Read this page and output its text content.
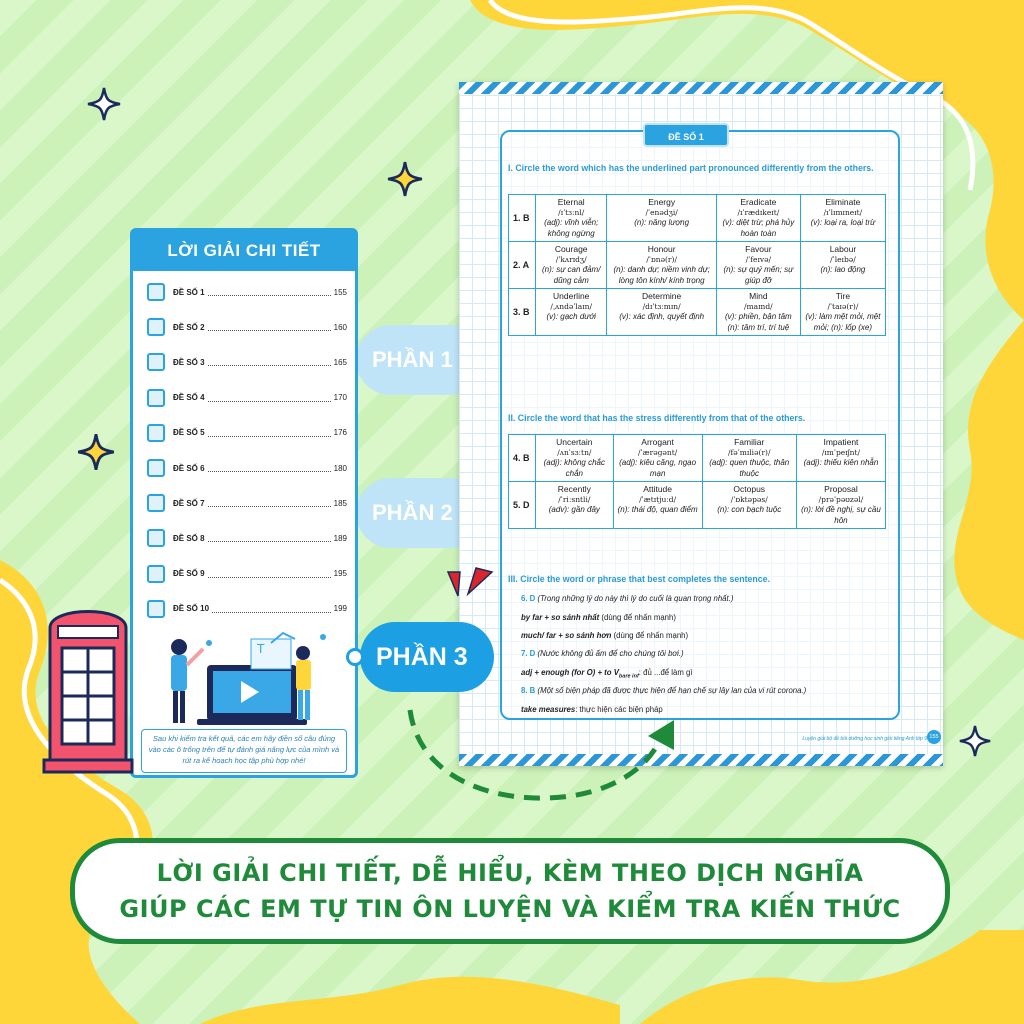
LỜI GIẢI CHI TIẾT
ĐỀ SỐ 1	155
ĐỀ SỐ 2	160
ĐỀ SỐ 3	165
ĐỀ SỐ 4	170
ĐỀ SỐ 5	176
ĐỀ SỐ 6	180
ĐỀ SỐ 7	185
ĐỀ SỐ 8	189
ĐỀ SỐ 9	195
ĐỀ SỐ 10	199
T
Sau khi kiểm tra kết quả, các em hãy điền số câu đúng vào các ô trống trên để tự đánh giá năng lực của mình và rút ra kế hoạch học tập phù hợp nhé!
PHẦN 1
PHẦN 2
PHẦN 3
ĐỀ SỐ 1
I. Circle the word which has the underlined part pronounced differently from the others.
1. B	Eternal
/ɪˈtɜːnl/
(adj): vĩnh viễn; không ngừng	Energy
/ˈenədʒi/
(n): năng lượng	Eradicate
/ɪˈrædɪkeɪt/
(v): diệt trừ; phá hủy hoàn toàn	Eliminate
/ɪˈlɪmɪneɪt/
(v): loại ra, loại trừ

2. A	Courage
/ˈkʌrɪdʒ/
(n): sự can đảm/ dũng cảm	Honour
/ˈɒnə(r)/
(n): danh dự; niềm vinh dự; lòng tôn kính/ kính trọng	Favour
/ˈfeɪvə/
(n): sự quý mến; sự giúp đỡ	Labour
/ˈleɪbə/
(n): lao động

3. B	Underline
/ˌʌndəˈlaɪn/
(v): gạch dưới	Determine
/dɪˈtɜːmɪn/
(v): xác định, quyết định	Mind
/maɪnd/
(v): phiền, bận tâm (n): tâm trí, trí tuệ	Tire
/ˈtaɪə(r)/
(v): làm mệt mỏi, mệt mỏi; (n): lốp (xe)
II. Circle the word that has the stress differently from that of the others.
4. B	Uncertain
/ʌnˈsɜːtn/
(adj): không chắc chắn	Arrogant
/ˈærəɡənt/
(adj): kiêu căng, ngạo mạn	Familiar
/fəˈmɪliə(r)/
(adj): quen thuộc, thân thuộc	Impatient
/ɪmˈpeɪʃnt/
(adj): thiếu kiên nhẫn

5. D	Recently
/ˈriːsntli/
(adv): gần đây	Attitude
/ˈætɪtjuːd/
(n): thái độ, quan điểm	Octopus
/ˈɒktəpəs/
(n): con bạch tuộc	Proposal
/prəˈpəʊzəl/
(n): lời đề nghị, sự cầu hôn
III. Circle the word or phrase that best completes the sentence.
6. D (Trong những lý do này thì lý do cuối là quan trọng nhất.)
by far + so sánh nhất (dùng để nhấn mạnh)
much/ far + so sánh hơn (dùng để nhấn mạnh)
7. D (Nước không đủ ấm để cho chúng tôi bơi.)
adj + enough (for O) + to $V_{bare inf}$: đủ ...để làm gì
8. B (Một số biện pháp đã được thực hiện để hạn chế sự lây lan của vi rút corona.)
take measures: thực hiện các biện pháp
Luyện giải bộ đề bồi dưỡng học sinh giỏi tiếng Anh lớp 9 155
LỜI GIẢI CHI TIẾT, DỄ HIỂU, KÈM THEO DỊCH NGHĨA
GIÚP CÁC EM TỰ TIN ÔN LUYỆN VÀ KIỂM TRA KIẾN THỨC
